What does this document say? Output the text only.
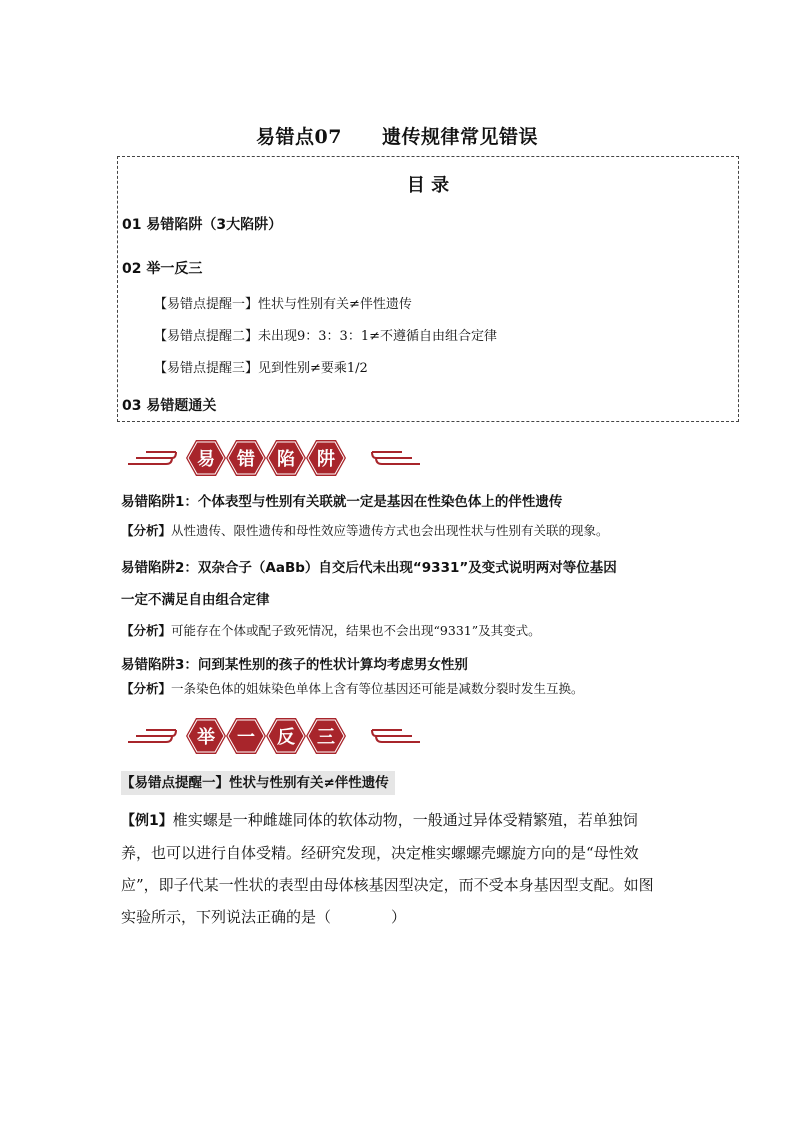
易错点07 遗传规律常见错误
目 录
01 易错陷阱（3大陷阱）
02 举一反三
【易错点提醒一】性状与性别有关≠伴性遗传
【易错点提醒二】未出现9：3：3：1≠不遵循自由组合定律
【易错点提醒三】见到性别≠要乘1/2
03 易错题通关
易 错 陷 阱
易错陷阱1：个体表型与性别有关联就一定是基因在性染色体上的伴性遗传
【分析】从性遗传、限性遗传和母性效应等遗传方式也会出现性状与性别有关联的现象。
易错陷阱2：双杂合子（AaBb）自交后代未出现“9331”及变式说明两对等位基因
一定不满足自由组合定律
【分析】可能存在个体或配子致死情况，结果也不会出现“9331”及其变式。
易错陷阱3：问到某性别的孩子的性状计算均考虑男女性别
【分析】一条染色体的姐妹染色单体上含有等位基因还可能是减数分裂时发生互换。
举 一 反 三
【易错点提醒一】性状与性别有关≠伴性遗传
【例1】椎实螺是一种雌雄同体的软体动物，一般通过异体受精繁殖，若单独饲
养，也可以进行自体受精。经研究发现，决定椎实螺螺壳螺旋方向的是“母性效
应”，即子代某一性状的表型由母体核基因型决定，而不受本身基因型支配。如图
实验所示，下列说法正确的是（　　　　）
